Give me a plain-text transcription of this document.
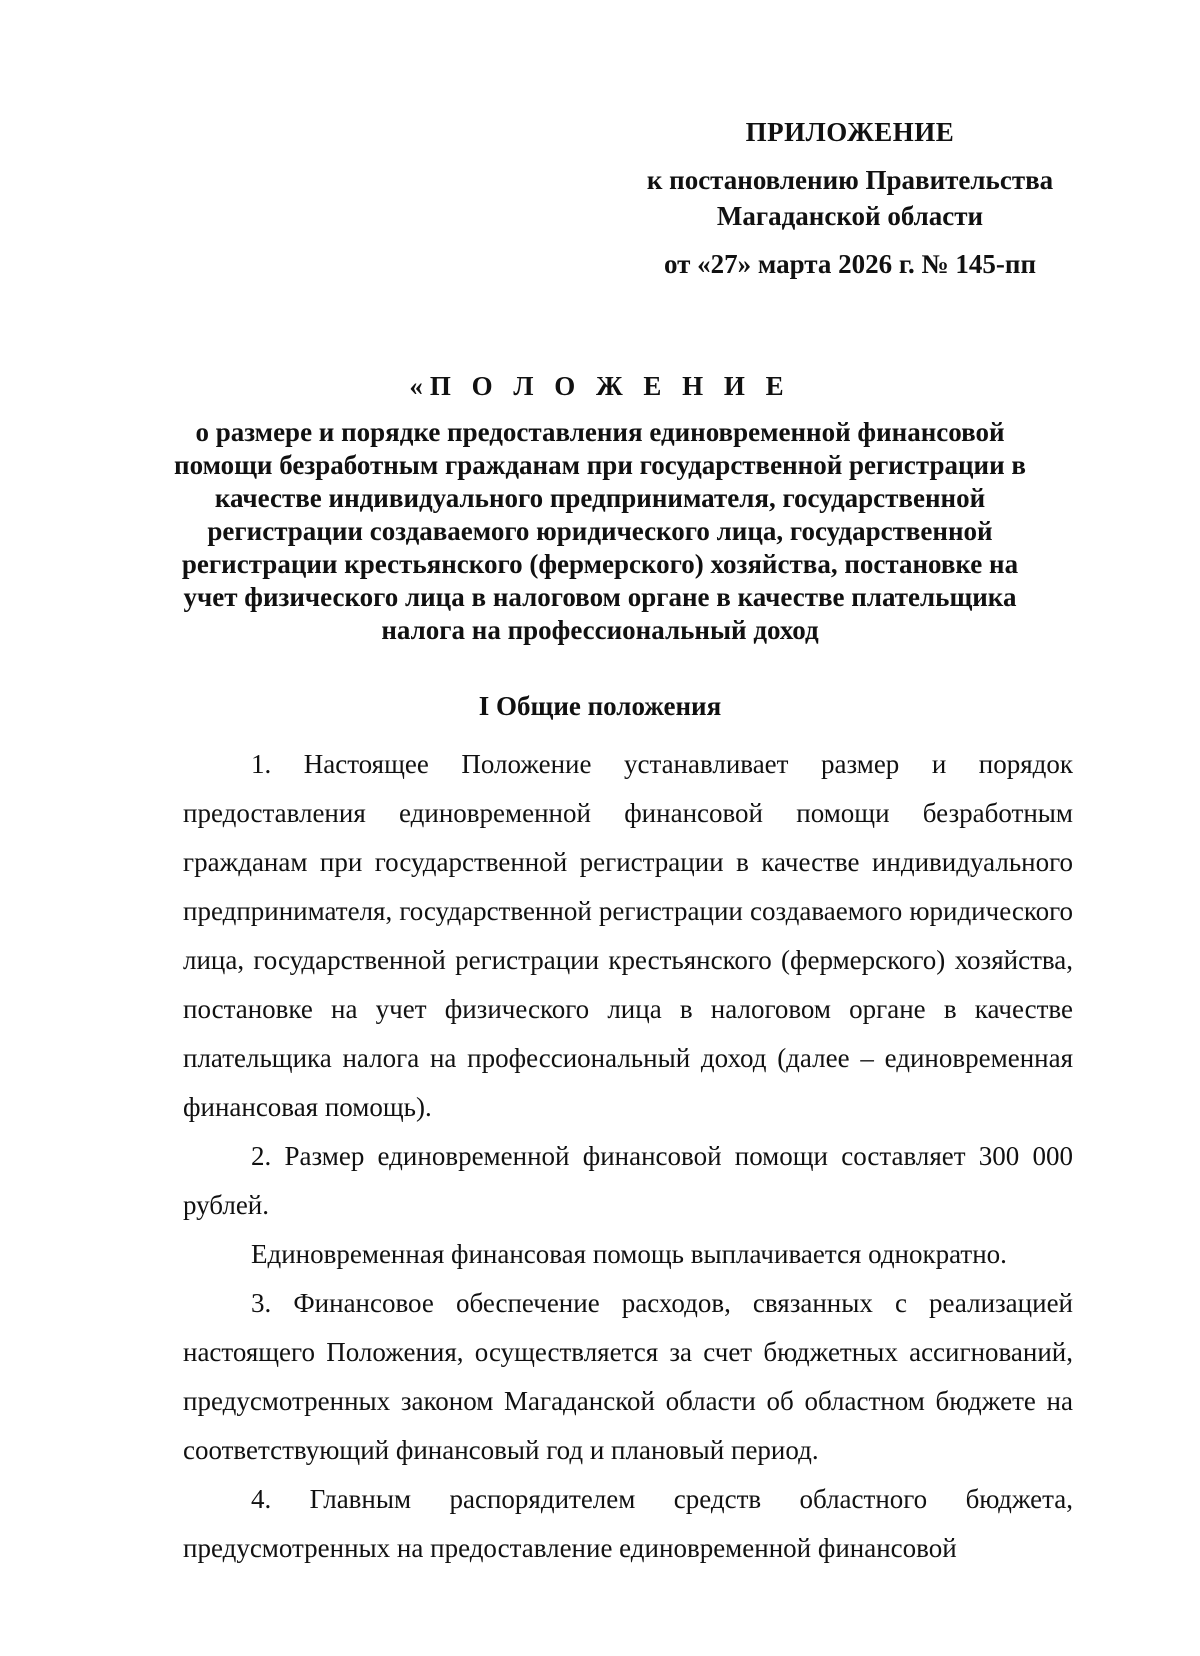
ПРИЛОЖЕНИЕ
к постановлению Правительства
Магаданской области
от «27» марта 2026 г. № 145-пп
«П О Л О Ж Е Н И Е
о размере и порядке предоставления единовременной финансовой помощи безработным гражданам при государственной регистрации в качестве индивидуального предпринимателя, государственной регистрации создаваемого юридического лица, государственной регистрации крестьянского (фермерского) хозяйства, постановке на учет физического лица в налоговом органе в качестве плательщика налога на профессиональный доход
I Общие положения

1. Настоящее Положение устанавливает размер и порядок предоставления единовременной финансовой помощи безработным гражданам при государственной регистрации в качестве индивидуального предпринимателя, государственной регистрации создаваемого юридического лица, государственной регистрации крестьянского (фермерского) хозяйства, постановке на учет физического лица в налоговом органе в качестве плательщика налога на профессиональный доход (далее – единовременная финансовая помощь).

2. Размер единовременной финансовой помощи составляет 300 000 рублей.

Единовременная финансовая помощь выплачивается однократно.

3. Финансовое обеспечение расходов, связанных с реализацией настоящего Положения, осуществляется за счет бюджетных ассигнований, предусмотренных законом Магаданской области об областном бюджете на соответствующий финансовый год и плановый период.

4. Главным распорядителем средств областного бюджета, предусмотренных на предоставление единовременной финансовой
